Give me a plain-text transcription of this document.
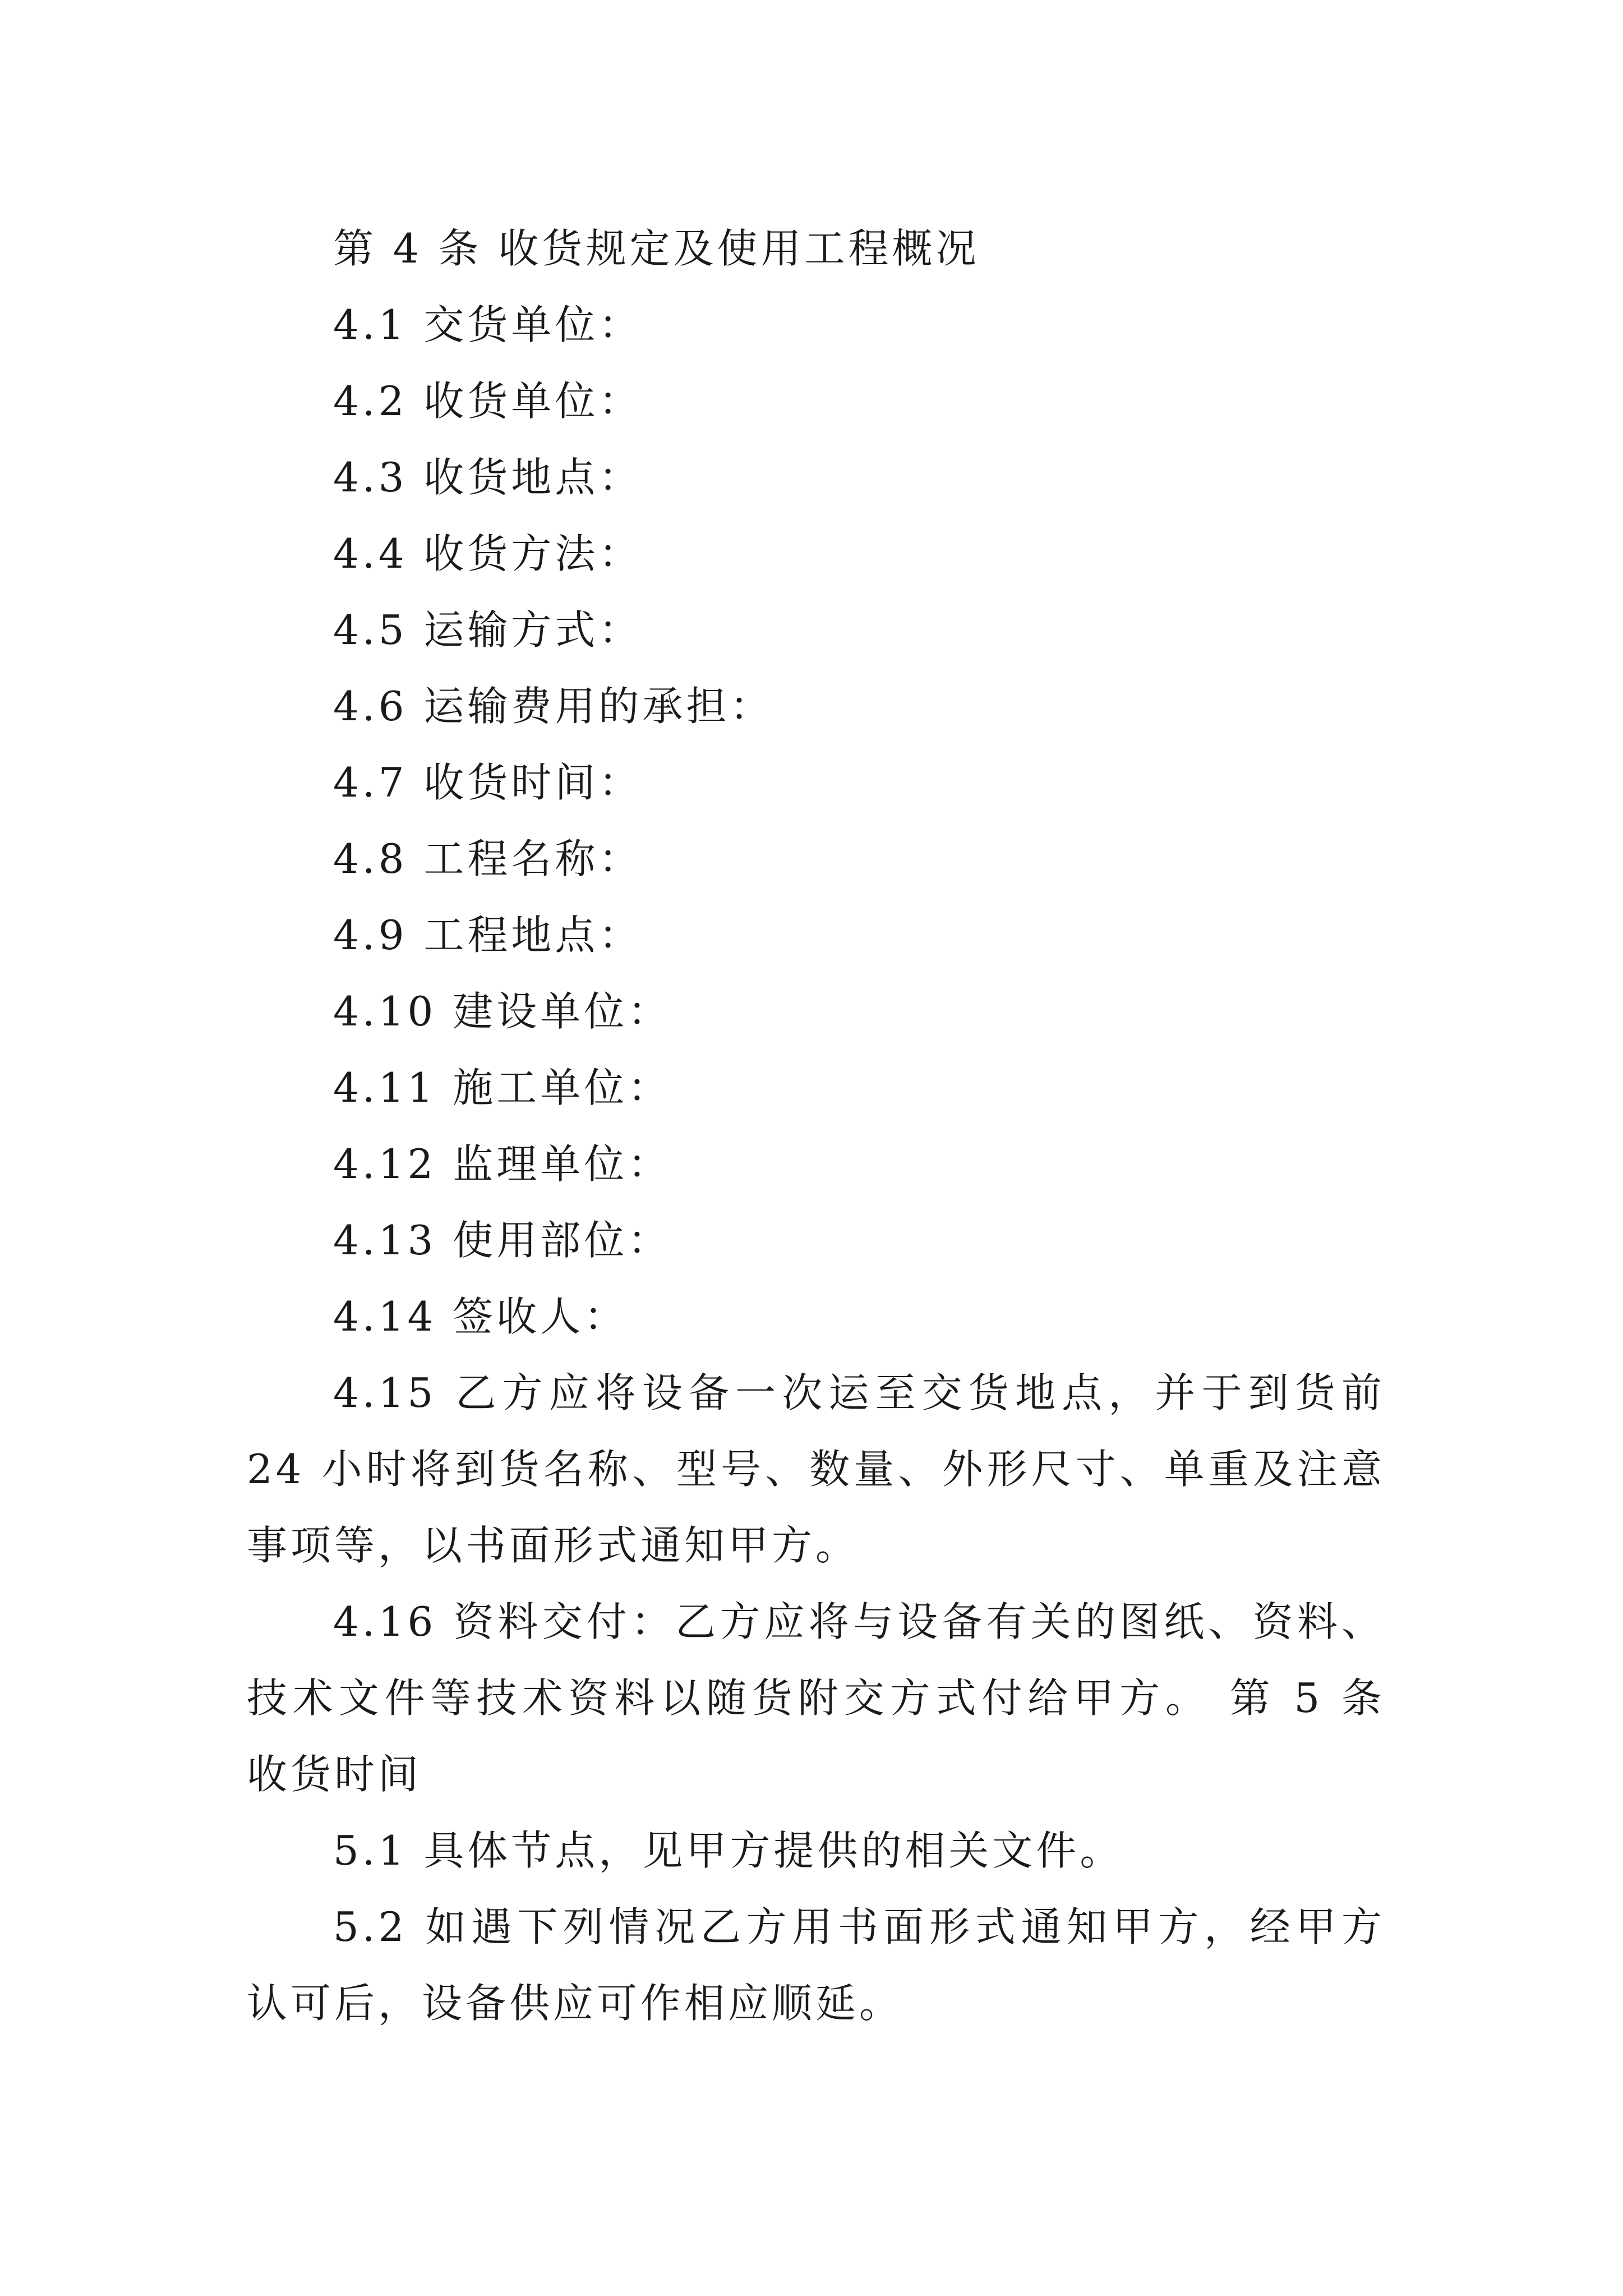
第 4 条 收货规定及使用工程概况

4.1 交货单位：

4.2 收货单位：

4.3 收货地点：

4.4 收货方法：

4.5 运输方式：

4.6 运输费用的承担：

4.7 收货时间：

4.8 工程名称：

4.9 工程地点：

4.10 建设单位：

4.11 施工单位：

4.12 监理单位：

4.13 使用部位：

4.14 签收人：

4.15 乙方应将设备一次运至交货地点，并于到货前 24 小时将到货名称、型号、数量、外形尺寸、单重及注意事项等，以书面形式通知甲方。

4.16 资料交付：乙方应将与设备有关的图纸、资料、技术文件等技术资料以随货附交方式付给甲方。 第 5 条 收货时间

5.1 具体节点，见甲方提供的相关文件。

5.2 如遇下列情况乙方用书面形式通知甲方，经甲方认可后，设备供应可作相应顺延。
